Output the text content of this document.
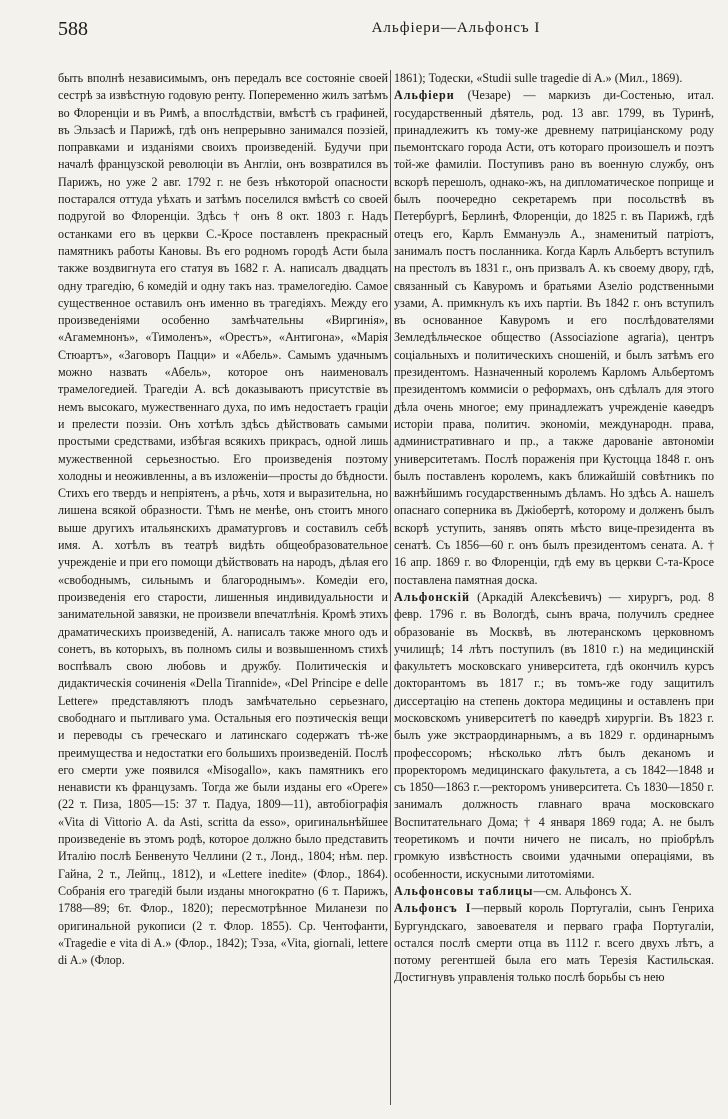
588	Альфіери—Альфонсъ I

быть вполнѣ независимымъ, онъ передалъ все состояніе своей сестрѣ за извѣстную годовую ренту. Попеременно жилъ затѣмъ во Флоренціи и въ Римѣ, а впослѣдствіи, вмѣстѣ съ графиней, въ Эльзасѣ и Парижѣ, гдѣ онъ непрерывно занимался поэзіей, поправками и изданіями своихъ произведеній. Будучи при началѣ французской революціи въ Англіи, онъ возвратился въ Парижъ, но уже 2 авг. 1792 г. не безъ нѣкоторой опасности постарался оттуда уѣхать и затѣмъ поселился вмѣстѣ со своей подругой во Флоренціи. Здѣсь † онъ 8 окт. 1803 г. Надъ останками его въ церкви С.-Кросе поставленъ прекрасный памятникъ работы Кановы. Въ его родномъ городѣ Асти была также воздвигнута его статуя въ 1682 г. А. написалъ двадцать одну трагедію, 6 комедій и одну такъ наз. трамелогедію. Самое существенное оставилъ онъ именно въ трагедіяхъ. Между его произведеніями особенно замѣчательны «Виргинія», «Агамемнонъ», «Тимоленъ», «Орестъ», «Антигона», «Марія Стюартъ», «Заговоръ Пацци» и «Абель». Самымъ удачнымъ можно назвать «Абель», которое онъ наименовалъ трамелогедией. Трагедіи А. всѣ доказываютъ присутствіе въ немъ высокаго, мужественнаго духа, по имъ недостаетъ граціи и прелести поэзіи. Онъ хотѣлъ здѣсь дѣйствовать самыми простыми средствами, избѣгая всякихъ прикрасъ, одной лишь мужественной серьезностью. Его произведенія поэтому холодны и неоживленны, а въ изложеніи—просты до бѣдности. Стихъ его твердъ и непріятенъ, а рѣчь, хотя и выразительна, но лишена всякой образности. Тѣмъ не менѣе, онъ стоитъ много выше другихъ итальянскихъ драматурговъ и составилъ себѣ имя. А. хотѣлъ въ театрѣ видѣть общеобразовательное учрежденіе и при его помощи дѣйствовать на народъ, дѣлая его «свободнымъ, сильнымъ и благороднымъ». Комедіи его, произведенія его старости, лишенныя индивидуальности и занимательной завязки, не произвели впечатлѣнія. Кромѣ этихъ драматическихъ произведеній, А. написалъ также много одъ и сонетъ, въ которыхъ, въ полномъ силы и возвышенномъ стихѣ воспѣвалъ свою любовь и дружбу. Политическія и дидактическія сочиненія «Della Tirannide», «Del Principe e delle Lettere» представляютъ плодъ замѣчательно серьезнаго, свободнаго и пытливаго ума. Остальныя его поэтическія вещи и переводы съ греческаго и латинскаго содержатъ тѣ-же преимущества и недостатки его большихъ произведеній. Послѣ его смерти уже появился «Misogallo», какъ памятникъ его ненависти къ французамъ. Тогда же были изданы его «Opere» (22 т. Пиза, 1805—15: 37 т. Падуа, 1809—11), автобіографія «Vita di Vittorio A. da Asti, scritta da esso», оригинальнѣйшее произведеніе въ этомъ родѣ, которое должно было представить Италію послѣ Бенвенуто Челлини (2 т., Лонд., 1804; нѣм. пер. Гайна, 2 т., Лейпц., 1812), и «Lettere inedite» (Флор., 1864). Собранія его трагедій были изданы многократно (6 т. Парижъ, 1788—89; 6т. Флор., 1820); пересмотрѣнное Миланези по оригинальной рукописи (2 т. Флор. 1855). Ср. Чентофанти, «Tragedie e vita di A.» (Флор., 1842); Тэза, «Vita, giornali, lettere di A.» (Флор.

1861); Тодески, «Studii sulle tragedie di A.» (Мил., 1869).

Альфіери (Чезаре) — маркизъ ди-Состенью, итал. государственный дѣятель, род. 13 авг. 1799, въ Туринѣ, принадлежитъ къ тому-же древнему патриціанскому роду пьемонтскаго города Асти, отъ котораго произошелъ и поэтъ той-же фамиліи. Поступивъ рано въ военную службу, онъ вскорѣ перешолъ, однако-жъ, на дипломатическое поприще и былъ поочередно секретаремъ при посольствѣ въ Петербургѣ, Берлинѣ, Флоренціи, до 1825 г. въ Парижѣ, гдѣ отецъ его, Карлъ Еммануэль А., знаменитый патріотъ, занималъ постъ посланника. Когда Карлъ Альбертъ вступилъ на престолъ въ 1831 г., онъ призвалъ А. къ своему двору, гдѣ, связанный съ Кавуромъ и братьями Азеліо родственными узами, А. примкнулъ къ ихъ партіи. Въ 1842 г. онъ вступилъ въ основанное Кавуромъ и его послѣдователями Земледѣльческое общество (Associazione agraria), центръ соціальныхъ и политическихъ сношеній, и былъ затѣмъ его президентомъ. Назначенный королемъ Карломъ Альбертомъ президентомъ коммисіи о реформахъ, онъ сдѣлалъ для этого дѣла очень многое; ему принадлежатъ учрежденіе каѳедръ исторіи права, политич. экономіи, международн. права, административнаго и пр., а также дарованіе автономіи университетамъ. Послѣ пораженія при Кустоцца 1848 г. онъ былъ поставленъ королемъ, какъ ближайшій совѣтникъ по важнѣйшимъ государственнымъ дѣламъ. Но здѣсь А. нашелъ опаснаго соперника въ Джіобертѣ, которому и долженъ былъ вскорѣ уступить, занявъ опять мѣсто вице-президента въ сенатѣ. Съ 1856—60 г. онъ былъ президентомъ сената. А. † 16 апр. 1869 г. во Флоренціи, гдѣ ему въ церкви С-та-Кросе поставлена памятная доска.

Альфонскій (Аркадій Алексѣевичъ) — хирургъ, род. 8 февр. 1796 г. въ Вологдѣ, сынъ врача, получилъ среднее образованіе въ Москвѣ, въ лютеранскомъ церковномъ училищѣ; 14 лѣтъ поступилъ (въ 1810 г.) на медицинскій факультетъ московскаго университета, гдѣ окончилъ курсъ докторантомъ въ 1817 г.; въ томъ-же году защитилъ диссертацію на степень доктора медицины и оставленъ при московскомъ университетѣ по каѳедрѣ хирургіи. Въ 1823 г. былъ уже экстраординарнымъ, а въ 1829 г. ординарнымъ профессоромъ; нѣсколько лѣтъ былъ деканомъ и проректоромъ медицинскаго факультета, а съ 1842—1848 и съ 1850—1863 г.—ректоромъ университета. Съ 1830—1850 г. занималъ должность главнаго врача московскаго Воспитательнаго Дома; † 4 января 1869 года; А. не былъ теоретикомъ и почти ничего не писалъ, но пріобрѣлъ громкую извѣстность своими удачными операціями, въ особенности, искусными литотоміями.

Альфонсовы таблицы—см. Альфонсъ X.

Альфонсъ I—первый король Португаліи, сынъ Генриха Бургундскаго, завоевателя и перваго графа Португаліи, остался послѣ смерти отца въ 1112 г. всего двухъ лѣтъ, а потому регентшей была его мать Терезія Кастильская. Достигнувъ управленія только послѣ борьбы съ нею
